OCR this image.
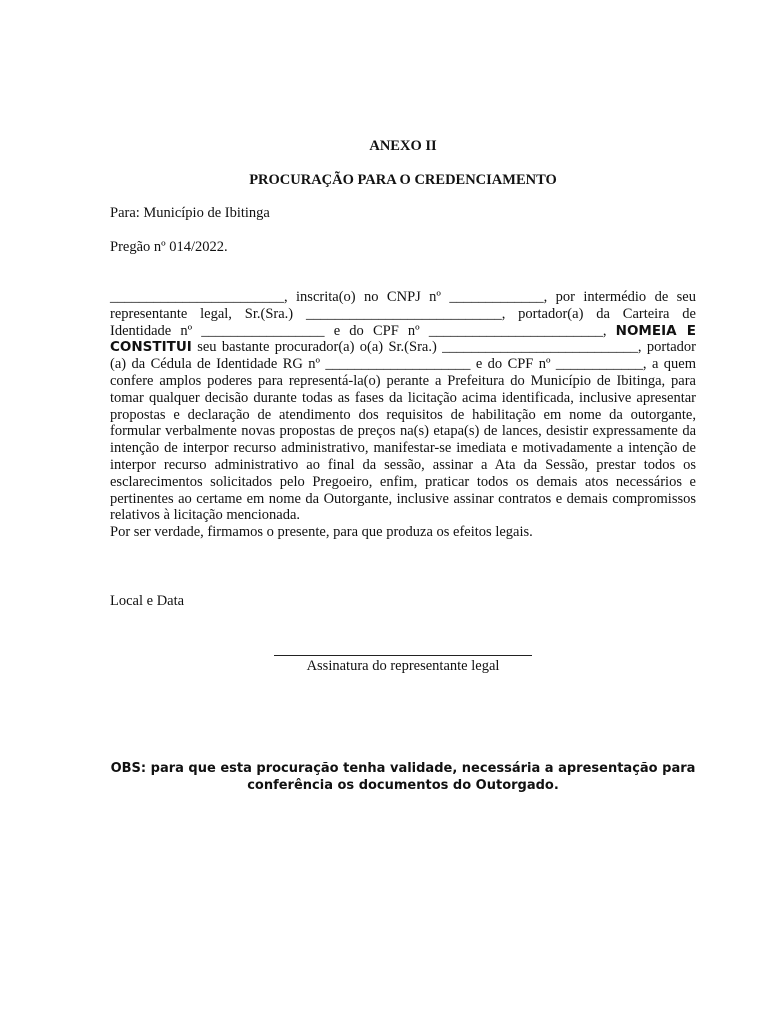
ANEXO II
PROCURAÇÃO PARA O CREDENCIAMENTO
Para: Município de Ibitinga
Pregão nº 014/2022.

________________________, inscrita(o) no CNPJ nº _____________, por intermédio de seu representante legal, Sr.(Sra.) ___________________________, portador(a) da Carteira de Identidade nº _________________ e do CPF nº ________________________, NOMEIA E CONSTITUI seu bastante procurador(a) o(a) Sr.(Sra.) ___________________________, portador (a) da Cédula de Identidade RG nº ____________________ e do CPF nº ____________, a quem confere amplos poderes para representá-la(o) perante a Prefeitura do Município de Ibitinga, para tomar qualquer decisão durante todas as fases da licitação acima identificada, inclusive apresentar propostas e declaração de atendimento dos requisitos de habilitação em nome da outorgante, formular verbalmente novas propostas de preços na(s) etapa(s) de lances, desistir expressamente da intenção de interpor recurso administrativo, manifestar-se imediata e motivadamente a intenção de interpor recurso administrativo ao final da sessão, assinar a Ata da Sessão, prestar todos os esclarecimentos solicitados pelo Pregoeiro, enfim, praticar todos os demais atos necessários e pertinentes ao certame em nome da Outorgante, inclusive assinar contratos e demais compromissos relativos à licitação mencionada.

Por ser verdade, firmamos o presente, para que produza os efeitos legais.

Local e Data
Assinatura do representante legal
OBS: para que esta procuração tenha validade, necessária a apresentação para
conferência os documentos do Outorgado.
